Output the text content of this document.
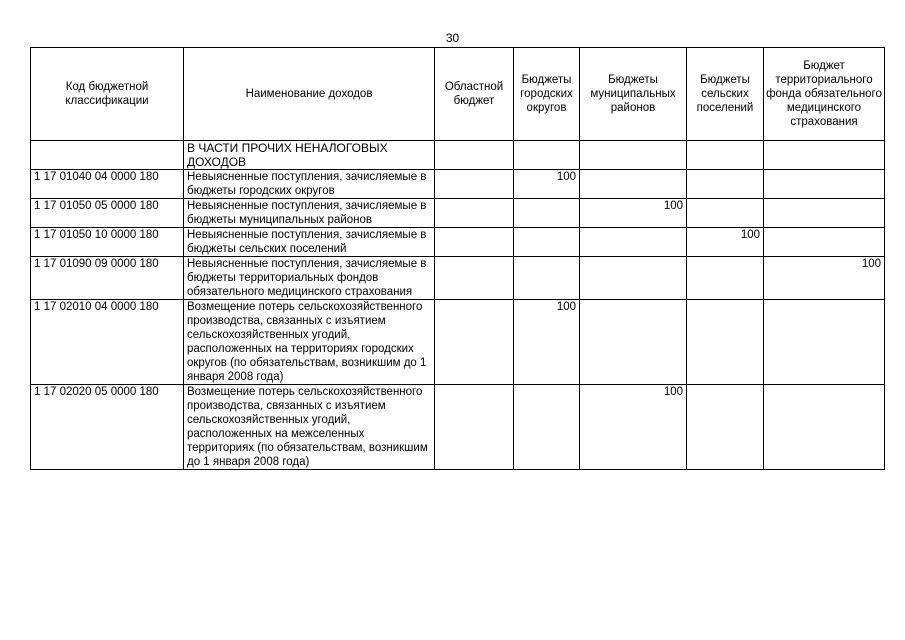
30
Код бюджетной классификации	Наименование доходов	Областной бюджет	Бюджеты городских округов	Бюджеты муниципальных районов	Бюджеты сельских поселений	Бюджет территориального фонда обязательного медицинского страхования
	В ЧАСТИ ПРОЧИХ НЕНАЛОГОВЫХ ДОХОДОВ					
1 17 01040 04 0000 180	Невыясненные поступления, зачисляемые в бюджеты городских округов		100			
1 17 01050 05 0000 180	Невыясненные поступления, зачисляемые в бюджеты муниципальных районов			100		
1 17 01050 10 0000 180	Невыясненные поступления, зачисляемые в бюджеты сельских поселений				100	
1 17 01090 09 0000 180	Невыясненные поступления, зачисляемые в бюджеты территориальных фондов обязательного медицинского страхования					100
1 17 02010 04 0000 180	Возмещение потерь сельскохозяйственного производства, связанных с изъятием сельскохозяйственных угодий, расположенных на территориях городских округов (по обязательствам, возникшим до 1 января 2008 года)		100			
1 17 02020 05 0000 180	Возмещение потерь сельскохозяйственного производства, связанных с изъятием сельскохозяйственных угодий, расположенных на межселенных территориях (по обязательствам, возникшим до 1 января 2008 года)			100		
